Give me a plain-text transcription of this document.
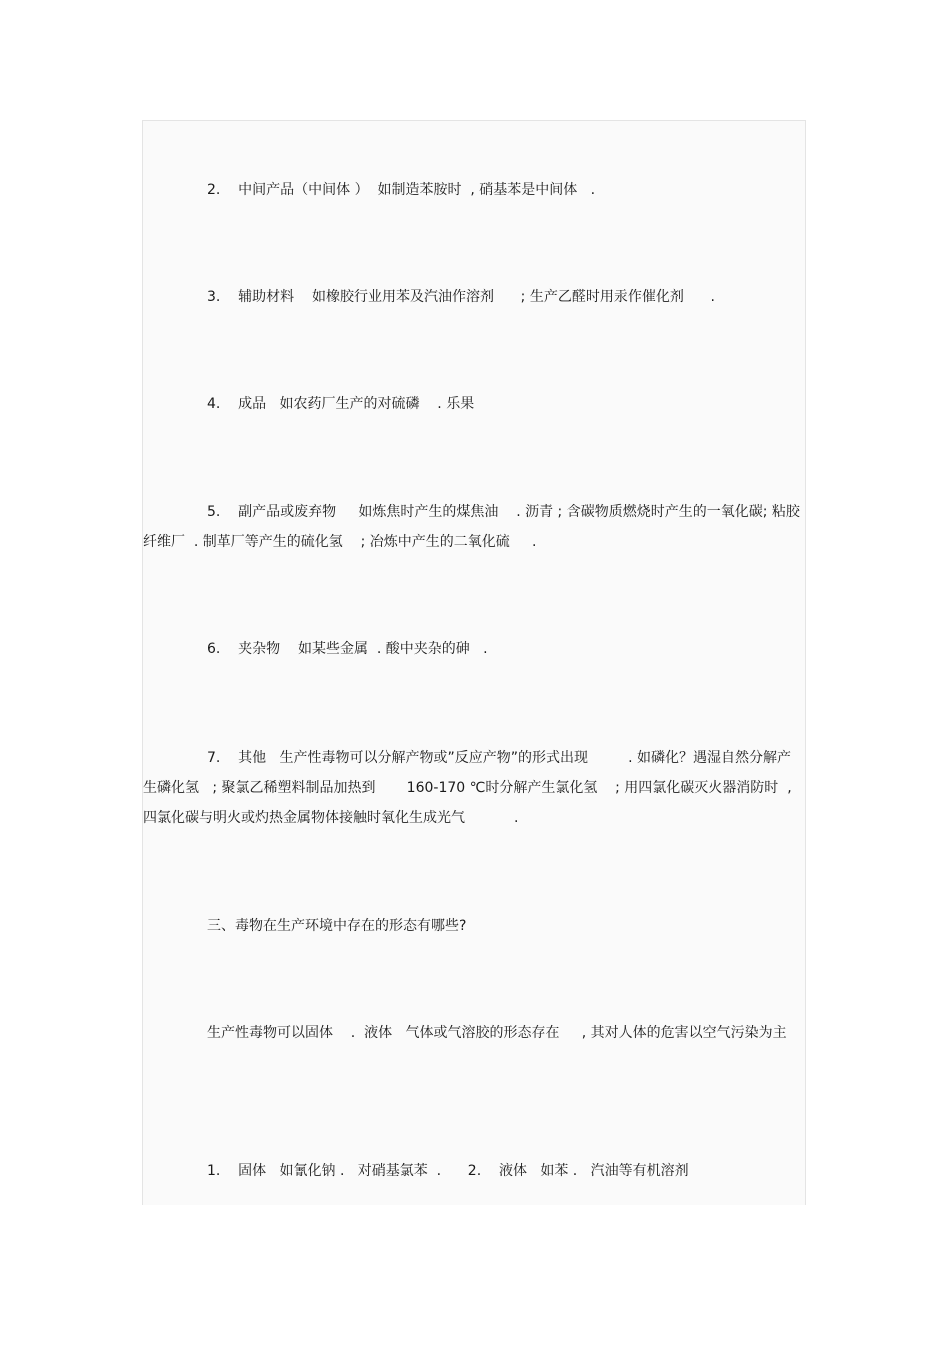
2.    中间产品（中间体 ）  如制造苯胺时  , 硝基苯是中间体   .

3.    辅助材料    如橡胶行业用苯及汽油作溶剂      ; 生产乙醛时用汞作催化剂      .

4.    成品   如农药厂生产的对硫磷    . 乐果

5.    副产品或废弃物     如炼焦时产生的煤焦油    . 沥青 ; 含碳物质燃烧时产生的一氧化碳; 粘胶纤维厂  . 制革厂等产生的硫化氢    ; 冶炼中产生的二氧化硫     .

6.    夹杂物    如某些金属  . 酸中夹杂的砷   .

7.    其他   生产性毒物可以分解产物或”反应产物”的形式出现         . 如磷化？遇湿自然分解产生磷化氢   ; 聚氯乙稀塑料制品加热到       160-170 ℃时分解产生氯化氢    ; 用四氯化碳灭火器消防时  , 四氯化碳与明火或灼热金属物体接触时氧化生成光气           .

三、毒物在生产环境中存在的形态有哪些?

生产性毒物可以固体    .  液体   气体或气溶胶的形态存在     , 其对人体的危害以空气污染为主

1.    固体   如氰化钠 .   对硝基氯苯  .      2.    液体   如苯 .   汽油等有机溶剂
